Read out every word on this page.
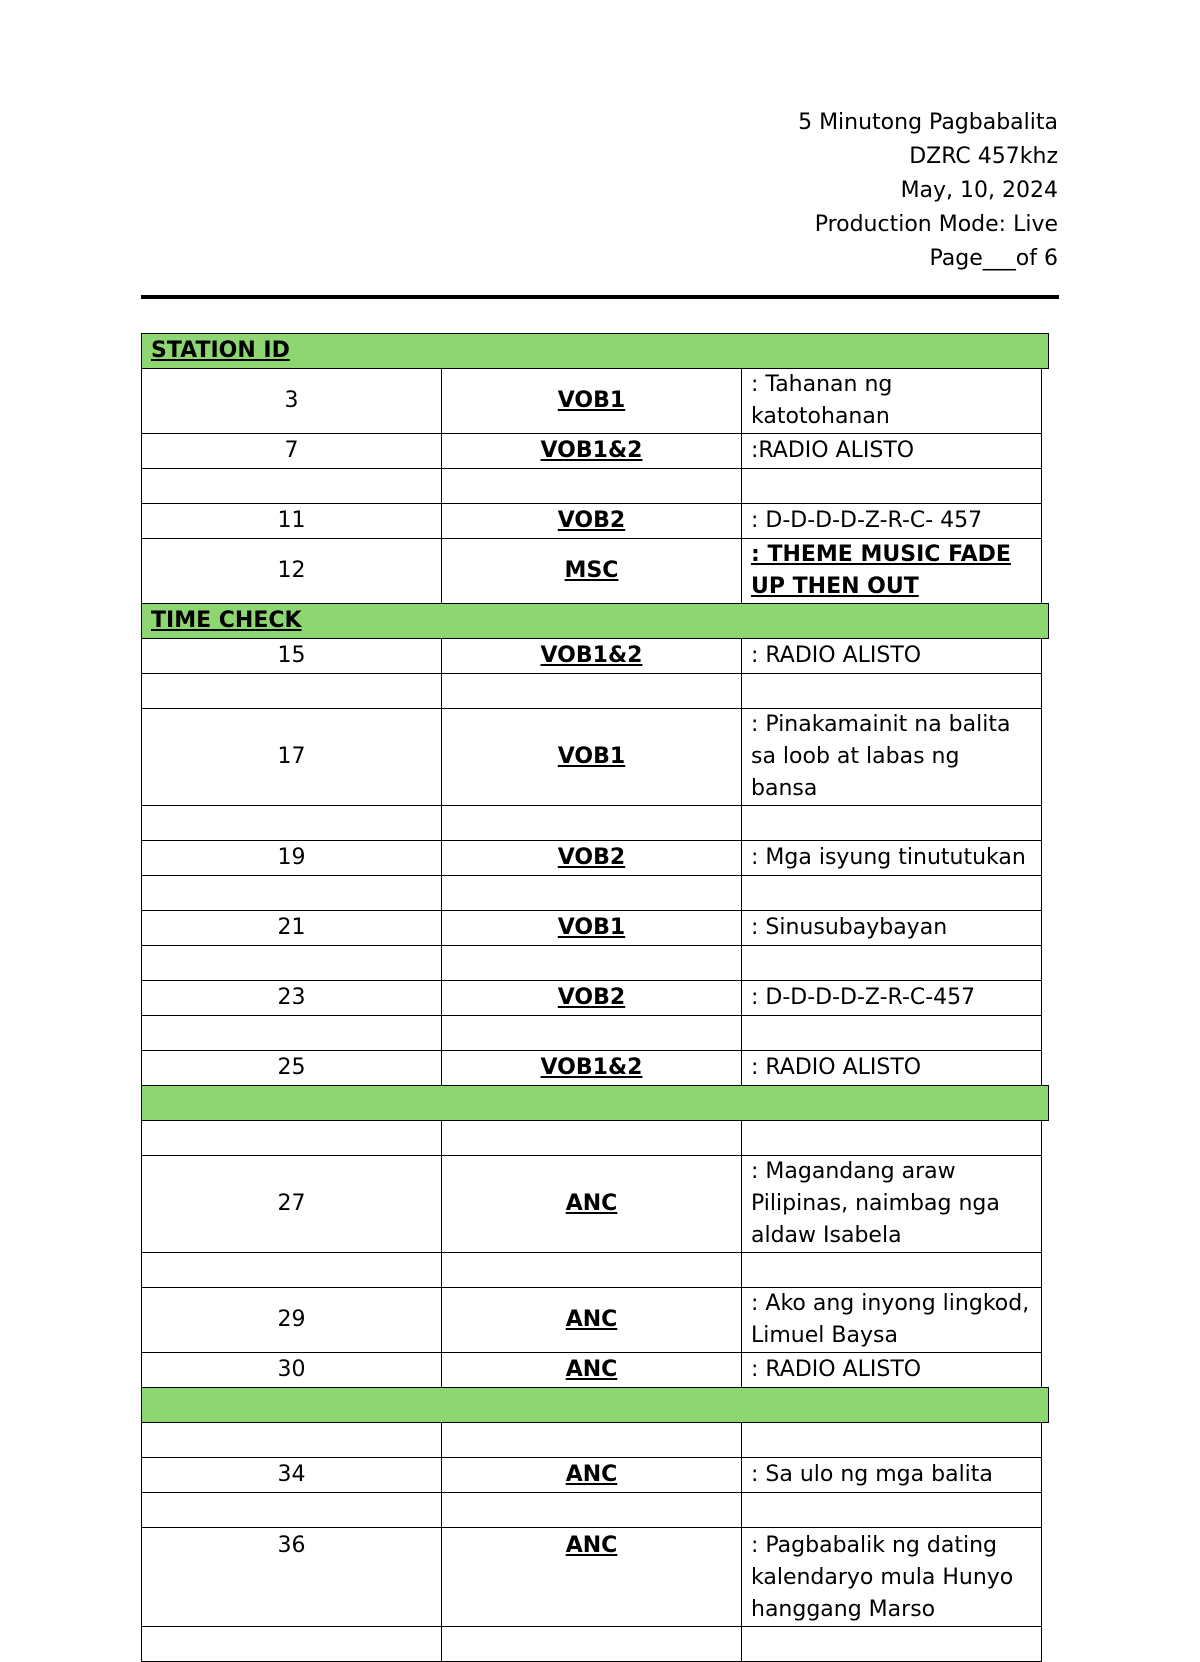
5 Minutong Pagbabalita
DZRC 457khz
May, 10, 2024
Production Mode: Live
Page___of 6
STATION ID		

3	VOB1	: Tahanan ng katotohanan
7	VOB1&2	:RADIO ALISTO

11	VOB2	: D-D-D-D-Z-R-C- 457
12	MSC	: THEME MUSIC FADE UP THEN OUT
TIME CHECK		

15	VOB1&2	: RADIO ALISTO

17	VOB1	: Pinakamainit na balita sa loob at labas ng bansa

19	VOB2	: Mga isyung tinututukan

21	VOB1	: Sinusubaybayan

23	VOB2	: D-D-D-D-Z-R-C-457

25	VOB1&2	: RADIO ALISTO

27	ANC	: Magandang araw Pilipinas, naimbag nga aldaw Isabela

29	ANC	: Ako ang inyong lingkod, Limuel Baysa
30	ANC	: RADIO ALISTO

34	ANC	: Sa ulo ng mga balita

36	ANC	: Pagbabalik ng dating kalendaryo mula Hunyo hanggang Marso
